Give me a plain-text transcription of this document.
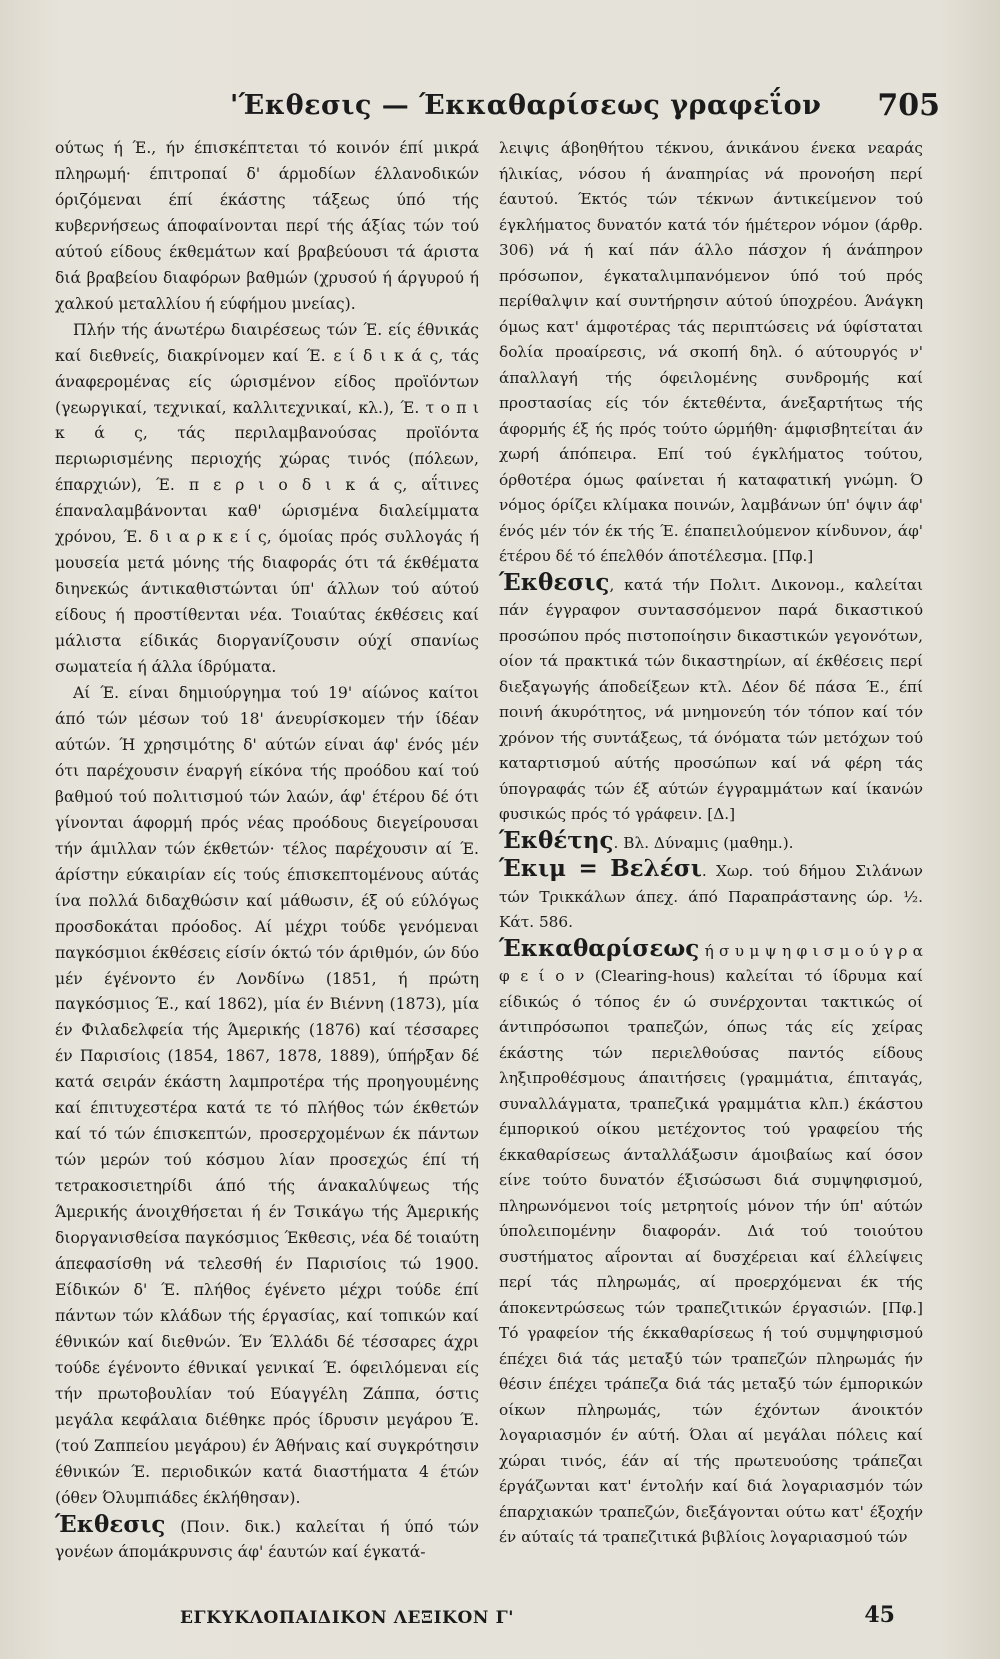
'Έκθεσις — Έκκαθαρίσεως γραφεΐον 705

ούτως ή Έ., ήν έπισκέπτεται τό κοινόν έπί μικρά πληρωμή· έπιτροπαί δ' άρμοδίων έλλανοδικών όριζόμεναι έπί έκάστης τάξεως ύπό τής κυβερνήσεως άποφαίνονται περί τής άξίας τών τού αύτού είδους έκθεμάτων καί βραβεύουσι τά άριστα διά βραβείου διαφόρων βαθμών (χρυσού ή άργυρού ή χαλκού μεταλλίου ή εύφήμου μνείας).

Πλήν τής άνωτέρω διαιρέσεως τών Έ. είς έθνικάς καί διεθνείς, διακρίνομεν καί Έ. ε ί δ ι κ ά ς, τάς άναφερομένας είς ώρισμένον είδος προϊόντων (γεωργικαί, τεχνικαί, καλλιτεχνικαί, κλ.), Έ. τ ο π ι κ ά ς, τάς περιλαμβανούσας προϊόντα περιωρισμένης περιοχής χώρας τινός (πόλεων, έπαρχιών), Έ. π ε ρ ι ο δ ι κ ά ς, αΐτινες έπαναλαμβάνονται καθ' ώρισμένα διαλείμματα χρόνου, Έ. δ ι α ρ κ ε ί ς, όμοίας πρός συλλογάς ή μουσεία μετά μόνης τής διαφοράς ότι τά έκθέματα διηνεκώς άντικαθιστώνται ύπ' άλλων τού αύτού είδους ή προστίθενται νέα. Τοιαύτας έκθέσεις καί μάλιστα είδικάς διοργανίζουσιν ούχί σπανίως σωματεία ή άλλα ίδρύματα.

Αί Έ. είναι δημιούργημα τού 19' αίώνος καίτοι άπό τών μέσων τού 18' άνευρίσκομεν τήν ίδέαν αύτών. Ή χρησιμότης δ' αύτών είναι άφ' ένός μέν ότι παρέχουσιν έναργή είκόνα τής προόδου καί τού βαθμού τού πολιτισμού τών λαών, άφ' έτέρου δέ ότι γίνονται άφορμή πρός νέας προόδους διεγείρουσαι τήν άμιλλαν τών έκθετών· τέλος παρέχουσιν αί Έ. άρίστην εύκαιρίαν είς τούς έπισκεπτομένους αύτάς ίνα πολλά διδαχθώσιν καί μάθωσιν, έξ ού εύλόγως προσδοκάται πρόοδος. Αί μέχρι τούδε γενόμεναι παγκόσμιοι έκθέσεις είσίν όκτώ τόν άριθμόν, ών δύο μέν έγένοντο έν Λονδίνω (1851, ή πρώτη παγκόσμιος Έ., καί 1862), μία έν Βιέννη (1873), μία έν Φιλαδελφεία τής Άμερικής (1876) καί τέσσαρες έν Παρισίοις (1854, 1867, 1878, 1889), ύπήρξαν δέ κατά σειράν έκάστη λαμπροτέρα τής προηγουμένης καί έπιτυχεστέρα κατά τε τό πλήθος τών έκθετών καί τό τών έπισκεπτών, προσερχομένων έκ πάντων τών μερών τού κόσμου λίαν προσεχώς έπί τή τετρακοσιετηρίδι άπό τής άνακαλύψεως τής Άμερικής άνοιχθήσεται ή έν Τσικάγω τής Άμερικής διοργανισθείσα παγκόσμιος Έκθεσις, νέα δέ τοιαύτη άπεφασίσθη νά τελεσθή έν Παρισίοις τώ 1900. Είδικών δ' Έ. πλήθος έγένετο μέχρι τούδε έπί πάντων τών κλάδων τής έργασίας, καί τοπικών καί έθνικών καί διεθνών. Έν Έλλάδι δέ τέσσαρες άχρι τούδε έγένοντο έθνικαί γενικαί Έ. όφειλόμεναι είς τήν πρωτοβουλίαν τού Εύαγγέλη Ζάππα, όστις μεγάλα κεφάλαια διέθηκε πρός ίδρυσιν μεγάρου Έ. (τού Ζαππείου μεγάρου) έν Άθήναις καί συγκρότησιν έθνικών Έ. περιοδικών κατά διαστήματα 4 έτών (όθεν Όλυμπιάδες έκλήθησαν).

Έκθεσις (Ποιν. δικ.) καλείται ή ύπό τών γονέων άπομάκρυνσις άφ' έαυτών καί έγκατά-

λειψις άβοηθήτου τέκνου, άνικάνου ένεκα νεαράς ήλικίας, νόσου ή άναπηρίας νά προνοήση περί έαυτού. Έκτός τών τέκνων άντικείμενον τού έγκλήματος δυνατόν κατά τόν ήμέτερον νόμον (άρθρ. 306) νά ή καί πάν άλλο πάσχον ή άνάπηρον πρόσωπον, έγκαταλιμπανόμενον ύπό τού πρός περίθαλψιν καί συντήρησιν αύτού ύποχρέου. Άνάγκη όμως κατ' άμφοτέρας τάς περιπτώσεις νά ύφίσταται δολία προαίρεσις, νά σκοπή δηλ. ό αύτουργός ν' άπαλλαγή τής όφειλομένης συνδρομής καί προστασίας είς τόν έκτεθέντα, άνεξαρτήτως τής άφορμής έξ ής πρός τούτο ώρμήθη· άμφισβητείται άν χωρή άπόπειρα. Επί τού έγκλήματος τούτου, όρθοτέρα όμως φαίνεται ή καταφατική γνώμη. Ό νόμος όρίζει κλίμακα ποινών, λαμβάνων ύπ' όψιν άφ' ένός μέν τόν έκ τής Έ. έπαπειλούμενον κίνδυνον, άφ' έτέρου δέ τό έπελθόν άποτέλεσμα. [Πφ.]

Έκθεσις, κατά τήν Πολιτ. Δικονομ., καλείται πάν έγγραφον συντασσόμενον παρά δικαστικού προσώπου πρός πιστοποίησιν δικαστικών γεγονότων, οίον τά πρακτικά τών δικαστηρίων, αί έκθέσεις περί διεξαγωγής άποδείξεων κτλ. Δέον δέ πάσα Έ., έπί ποινή άκυρότητος, νά μνημονεύη τόν τόπον καί τόν χρόνον τής συντάξεως, τά όνόματα τών μετόχων τού καταρτισμού αύτής προσώπων καί νά φέρη τάς ύπογραφάς τών έξ αύτών έγγραμμάτων καί ίκανών φυσικώς πρός τό γράφειν. [Δ.]

Έκθέτης. Βλ. Δύναμις (μαθημ.).

Έκιμ = Βελέσι. Χωρ. τού δήμου Σιλάνων τών Τρικκάλων άπεχ. άπό Παραπράστανης ώρ. ½. Κάτ. 586.

Έκκαθαρίσεως ή σ υ μ ψ η φ ι σ μ ο ύ γ ρ α φ ε ί ο ν (Clearing-hous) καλείται τό ίδρυμα καί είδικώς ό τόπος έν ώ συνέρχονται τακτικώς οί άντιπρόσωποι τραπεζών, όπως τάς είς χείρας έκάστης τών περιελθούσας παντός είδους ληξιπροθέσμους άπαιτήσεις (γραμμάτια, έπιταγάς, συναλλάγματα, τραπεζικά γραμμάτια κλπ.) έκάστου έμπορικού οίκου μετέχοντος τού γραφείου τής έκκαθαρίσεως άνταλλάξωσιν άμοιβαίως καί όσον είνε τούτο δυνατόν έξισώσωσι διά συμψηφισμού, πληρωνόμενοι τοίς μετρητοίς μόνον τήν ύπ' αύτών ύπολειπομένην διαφοράν. Διά τού τοιούτου συστήματος αΐρονται αί δυσχέρειαι καί έλλείψεις περί τάς πληρωμάς, αί προερχόμεναι έκ τής άποκεντρώσεως τών τραπεζιτικών έργασιών. [Πφ.] Τό γραφείον τής έκκαθαρίσεως ή τού συμψηφισμού έπέχει διά τάς μεταξύ τών τραπεζών πληρωμάς ήν θέσιν έπέχει τράπεζα διά τάς μεταξύ τών έμπορικών οίκων πληρωμάς, τών έχόντων άνοικτόν λογαριασμόν έν αύτή. Όλαι αί μεγάλαι πόλεις καί χώραι τινός, έάν αί τής πρωτευούσης τράπεζαι έργάζωνται κατ' έντολήν καί διά λογαριασμόν τών έπαρχιακών τραπεζών, διεξάγονται ούτω κατ' έξοχήν έν αύταίς τά τραπεζιτικά βιβλίοις λογαριασμού τών

ΕΓΚΥΚΛΟΠΑΙΔΙΚΟΝ ΛΕΞΙΚΟΝ Γ'	45
